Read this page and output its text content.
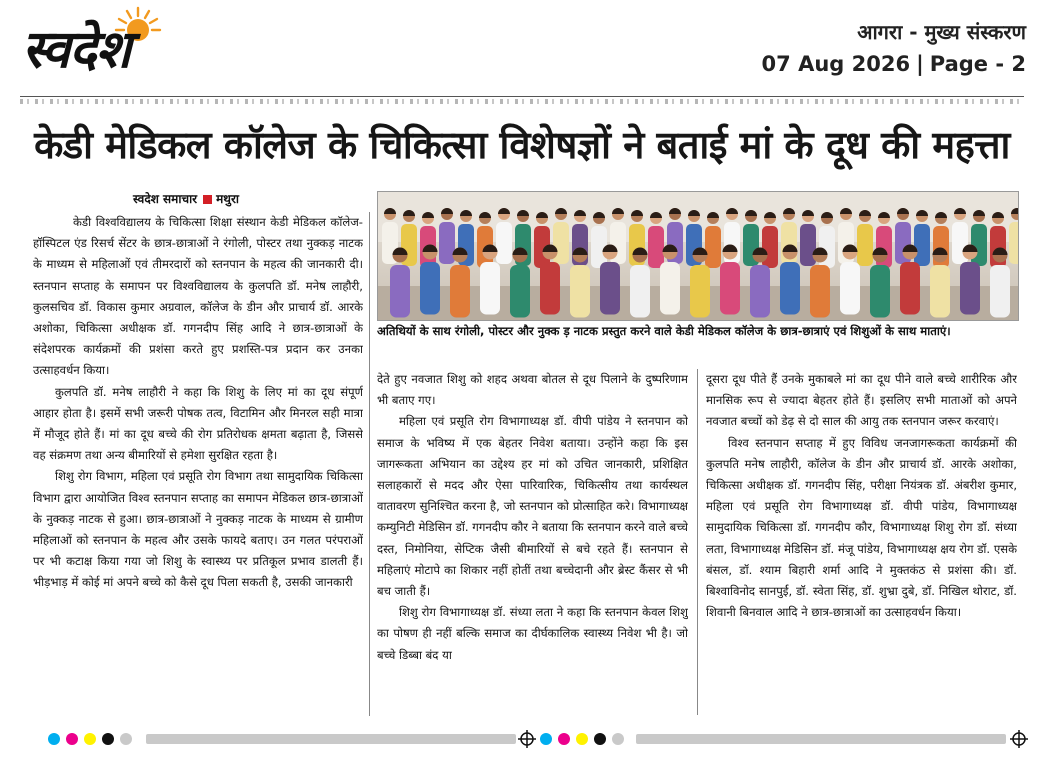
स्वदेश	आगरा - मुख्य संस्करण
07 Aug 2026 | Page - 2
केडी मेडिकल कॉलेज के चिकित्सा विशेषज्ञों ने बताई मां के दूध की महत्ता
स्वदेश समाचार मथुरा

केडी विश्वविद्यालय के चिकित्सा शिक्षा संस्थान केडी मेडिकल कॉलेज-हॉस्पिटल एंड रिसर्च सेंटर के छात्र-छात्राओं ने रंगोली, पोस्टर तथा नुक्कड़ नाटक के माध्यम से महिलाओं एवं तीमरदारों को स्तनपान के महत्व की जानकारी दी। स्तनपान सप्ताह के समापन पर विश्वविद्यालय के कुलपति डॉ. मनेष लाहौरी, कुलसचिव डॉ. विकास कुमार अग्रवाल, कॉलेज के डीन और प्राचार्य डॉ. आरके अशोका, चिकित्सा अधीक्षक डॉ. गगनदीप सिंह आदि ने छात्र-छात्राओं के संदेशपरक कार्यक्रमों की प्रशंसा करते हुए प्रशस्ति-पत्र प्रदान कर उनका उत्साहवर्धन किया।

कुलपति डॉ. मनेष लाहौरी ने कहा कि शिशु के लिए मां का दूध संपूर्ण आहार होता है। इसमें सभी जरूरी पोषक तत्व, विटामिन और मिनरल सही मात्रा में मौजूद होते हैं। मां का दूध बच्चे की रोग प्रतिरोधक क्षमता बढ़ाता है, जिससे वह संक्रमण तथा अन्य बीमारियों से हमेशा सुरक्षित रहता है।

शिशु रोग विभाग, महिला एवं प्रसूति रोग विभाग तथा सामुदायिक चिकित्सा विभाग द्वारा आयोजित विश्व स्तनपान सप्ताह का समापन मेडिकल छात्र-छात्राओं के नुक्कड़ नाटक से हुआ। छात्र-छात्राओं ने नुक्कड़ नाटक के माध्यम से ग्रामीण महिलाओं को स्तनपान के महत्व और उसके फायदे बताए। उन गलत परंपराओं पर भी कटाक्ष किया गया जो शिशु के स्वास्थ्य पर प्रतिकूल प्रभाव डालती हैं। भीड़भाड़ में कोई मां अपने बच्चे को कैसे दूध पिला सकती है, उसकी जानकारी

अतिथियों के साथ रंगोली, पोस्टर और नुक्क ड़ नाटक प्रस्तुत करने वाले केडी मेडिकल कॉलेज के छात्र-छात्राएं एवं शिशुओं के साथ माताएं।

देते हुए नवजात शिशु को शहद अथवा बोतल से दूध पिलाने के दुष्परिणाम भी बताए गए।

महिला एवं प्रसूति रोग विभागाध्यक्ष डॉ. वीपी पांडेय ने स्तनपान को समाज के भविष्य में एक बेहतर निवेश बताया। उन्होंने कहा कि इस जागरूकता अभियान का उद्देश्य हर मां को उचित जानकारी, प्रशिक्षित सलाहकारों से मदद और ऐसा पारिवारिक, चिकित्सीय तथा कार्यस्थल वातावरण सुनिश्चित करना है, जो स्तनपान को प्रोत्साहित करे। विभागाध्यक्ष कम्युनिटी मेडिसिन डॉ. गगनदीप कौर ने बताया कि स्तनपान करने वाले बच्चे दस्त, निमोनिया, सेप्टिक जैसी बीमारियों से बचे रहते हैं। स्तनपान से महिलाएं मोटापे का शिकार नहीं होतीं तथा बच्चेदानी और ब्रेस्ट कैंसर से भी बच जाती हैं।

शिशु रोग विभागाध्यक्ष डॉ. संध्या लता ने कहा कि स्तनपान केवल शिशु का पोषण ही नहीं बल्कि समाज का दीर्घकालिक स्वास्थ्य निवेश भी है। जो बच्चे डिब्बा बंद या

दूसरा दूध पीते हैं उनके मुकाबले मां का दूध पीने वाले बच्चे शारीरिक और मानसिक रूप से ज्यादा बेहतर होते हैं। इसलिए सभी माताओं को अपने नवजात बच्चों को डेढ़ से दो साल की आयु तक स्तनपान जरूर करवाएं।

विश्व स्तनपान सप्ताह में हुए विविध जनजागरूकता कार्यक्रमों की कुलपति मनेष लाहौरी, कॉलेज के डीन और प्राचार्य डॉ. आरके अशोका, चिकित्सा अधीक्षक डॉ. गगनदीप सिंह, परीक्षा नियंत्रक डॉ. अंबरीश कुमार, महिला एवं प्रसूति रोग विभागाध्यक्ष डॉ. वीपी पांडेय, विभागाध्यक्ष सामुदायिक चिकित्सा डॉ. गगनदीप कौर, विभागाध्यक्ष शिशु रोग डॉ. संध्या लता, विभागाध्यक्ष मेडिसिन डॉ. मंजू पांडेय, विभागाध्यक्ष क्षय रोग डॉ. एसके बंसल, डॉ. श्याम बिहारी शर्मा आदि ने मुक्तकंठ से प्रशंसा की। डॉ. बिश्वाविनोद सानपुर्ई, डॉ. स्वेता सिंह, डॉ. शुभ्रा दुबे, डॉ. निखिल थोराट, डॉ. शिवानी बिनवाल आदि ने छात्र-छात्राओं का उत्साहवर्धन किया।
